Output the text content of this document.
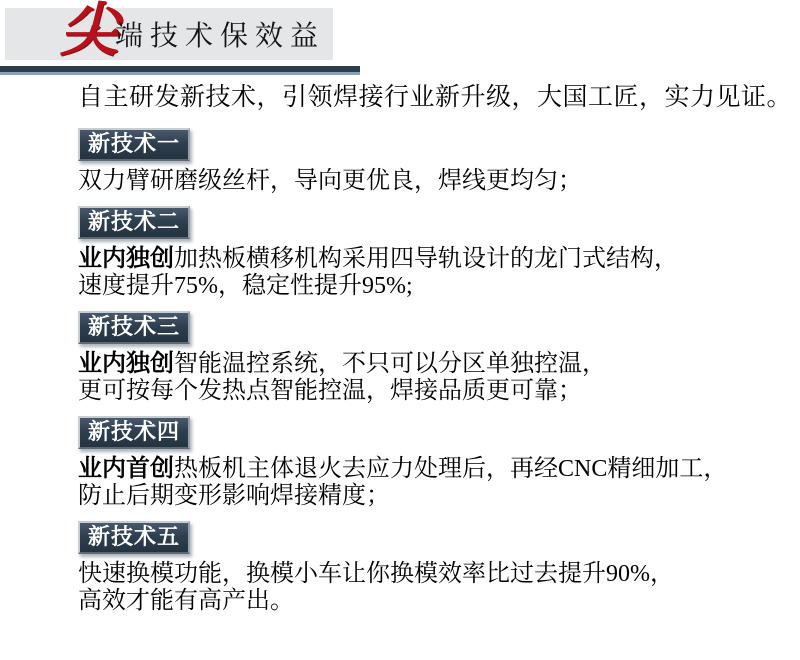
尖
端技术保效益

自主研发新技术，引领焊接行业新升级，大国工匠，实力见证。

新技术一

双力臂研磨级丝杆，导向更优良，焊线更均匀；

新技术二

业内独创加热板横移机构采用四导轨设计的龙门式结构，

速度提升75%，稳定性提升95%;

新技术三

业内独创智能温控系统，不只可以分区单独控温，

更可按每个发热点智能控温，焊接品质更可靠；

新技术四

业内首创热板机主体退火去应力处理后，再经CNC精细加工，

防止后期变形影响焊接精度；

新技术五

快速换模功能，换模小车让你换模效率比过去提升90%，

高效才能有高产出。
